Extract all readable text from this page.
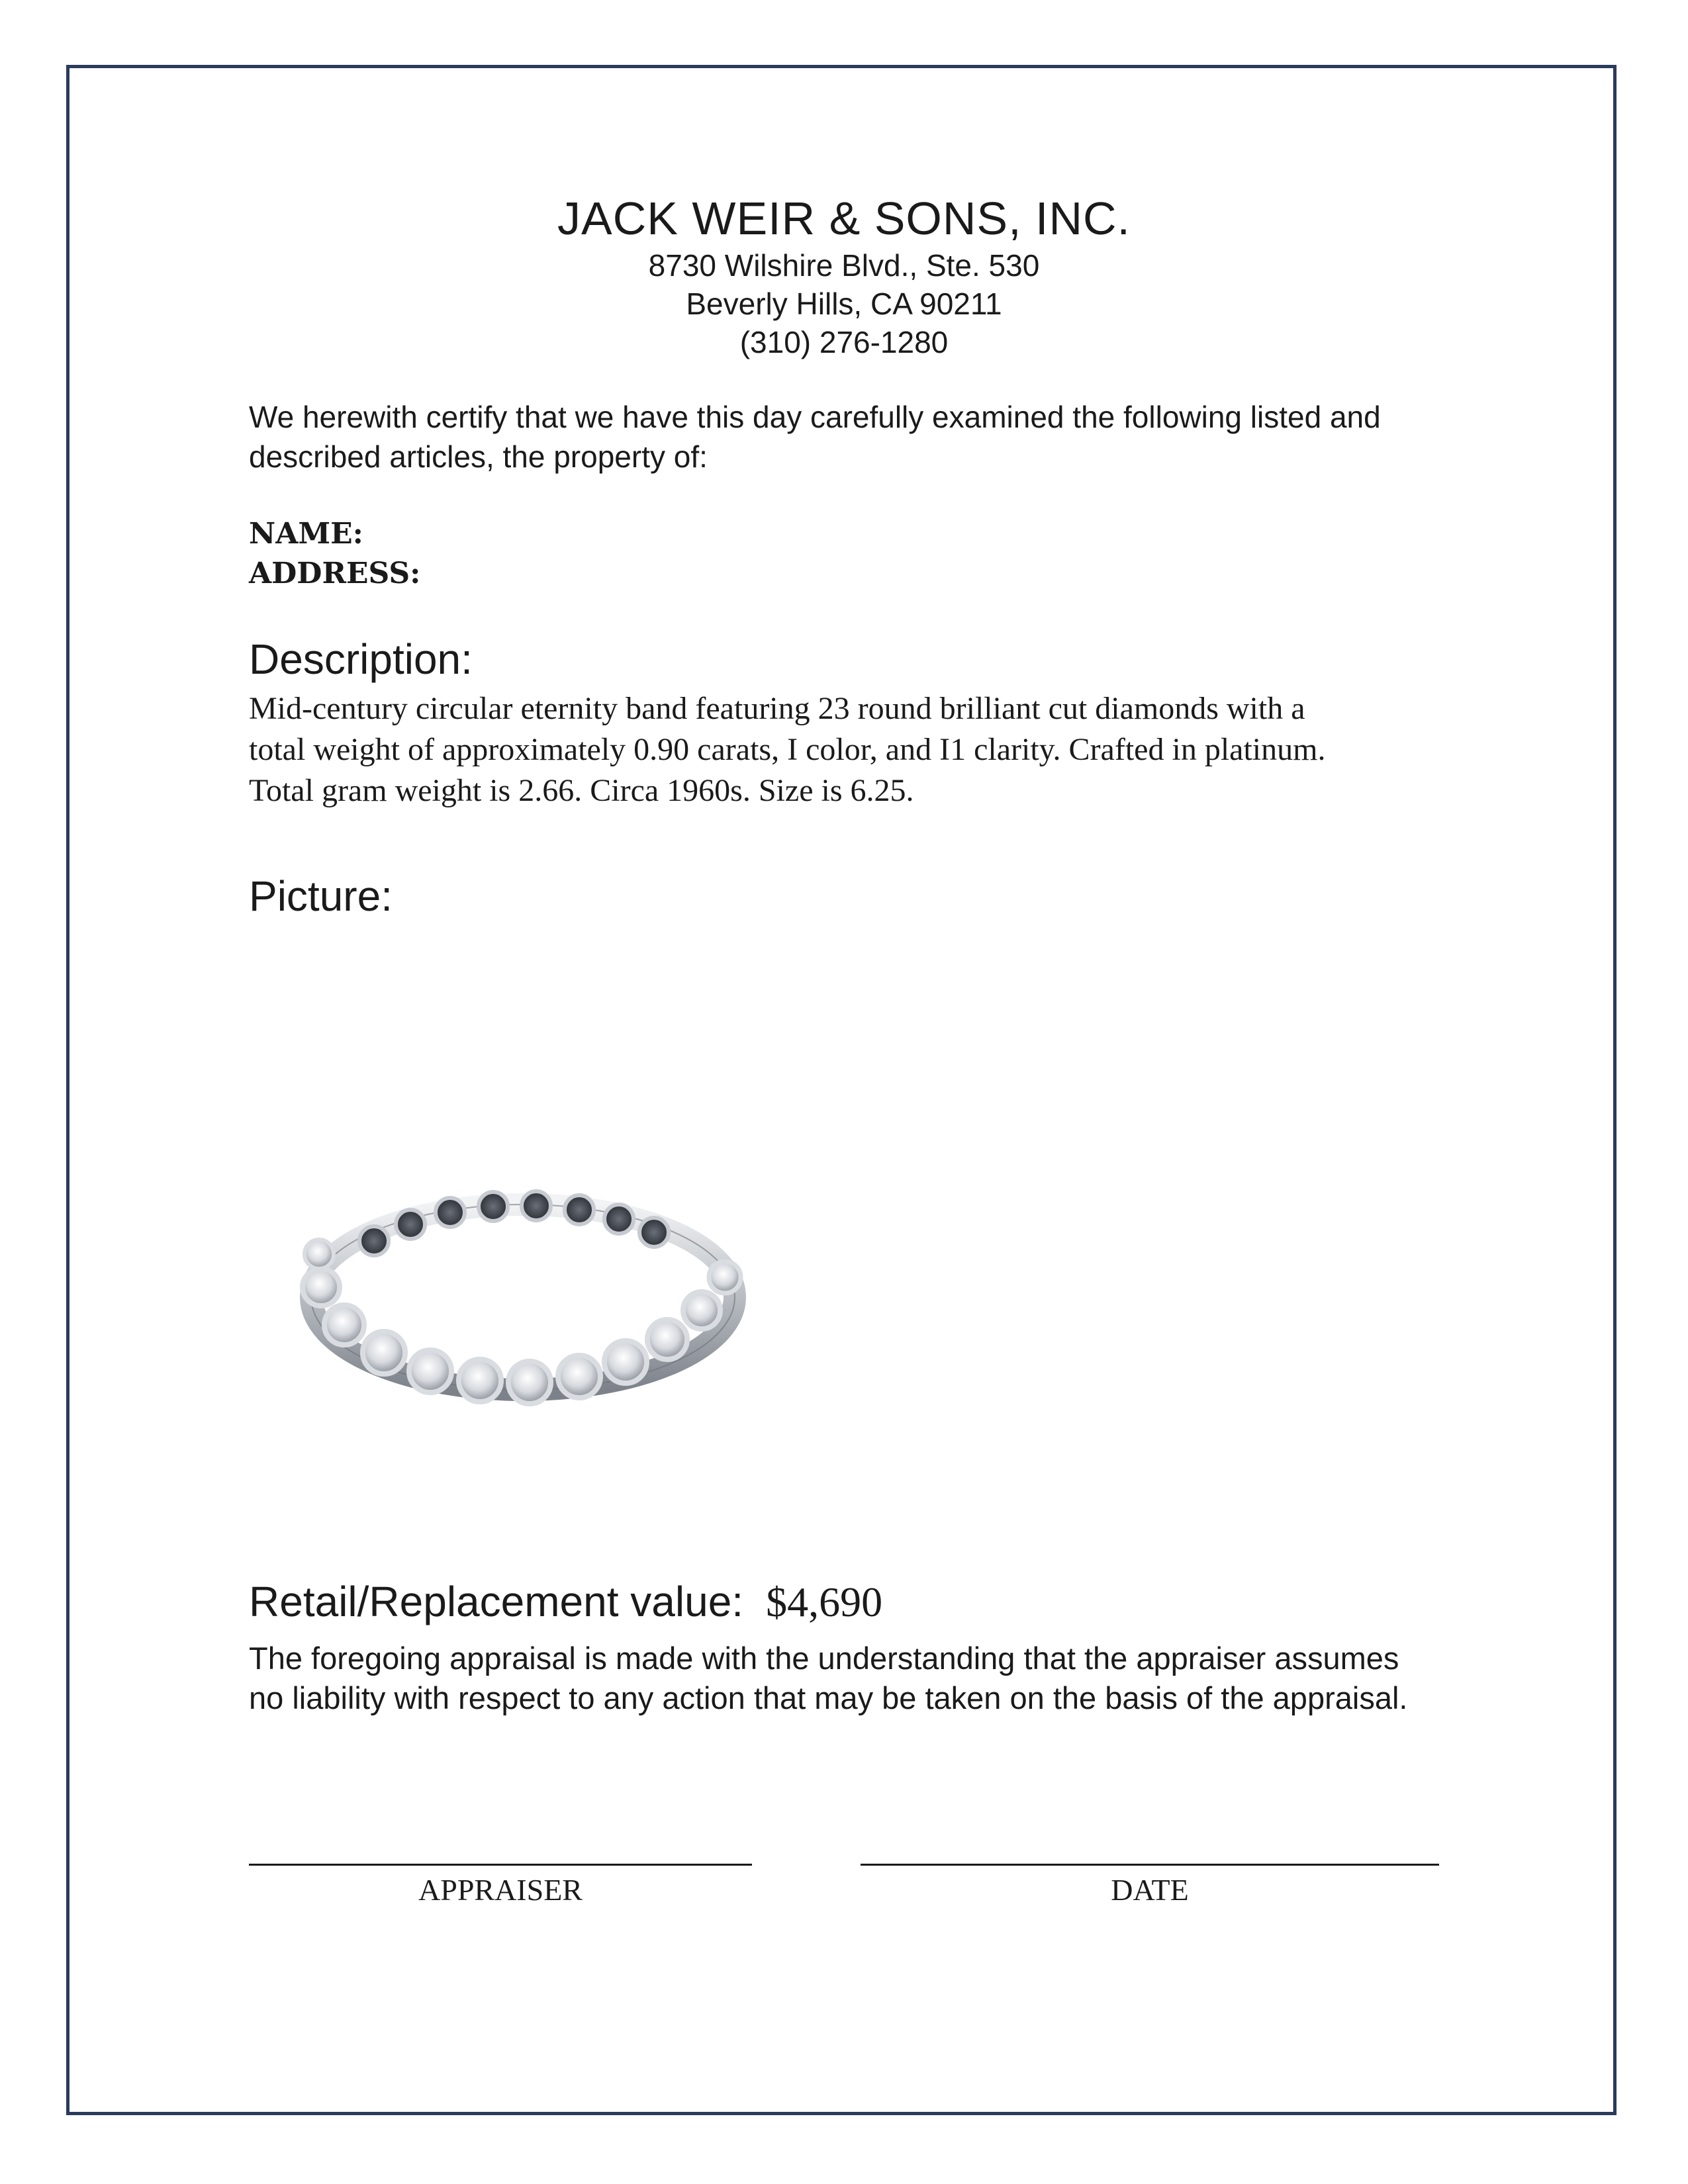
JACK WEIR & SONS, INC.
8730 Wilshire Blvd., Ste. 530
Beverly Hills, CA 90211
(310) 276-1280
We herewith certify that we have this day carefully examined the following listed and
described articles, the property of:
NAME:
ADDRESS:
Description:
Mid-century circular eternity band featuring 23 round brilliant cut diamonds with a
total weight of approximately 0.90 carats, I color, and I1 clarity. Crafted in platinum.
Total gram weight is 2.66. Circa 1960s. Size is 6.25.
Picture:
Retail/Replacement value: $4,690
The foregoing appraisal is made with the understanding that the appraiser assumes
no liability with respect to any action that may be taken on the basis of the appraisal.
APPRAISER	DATE
